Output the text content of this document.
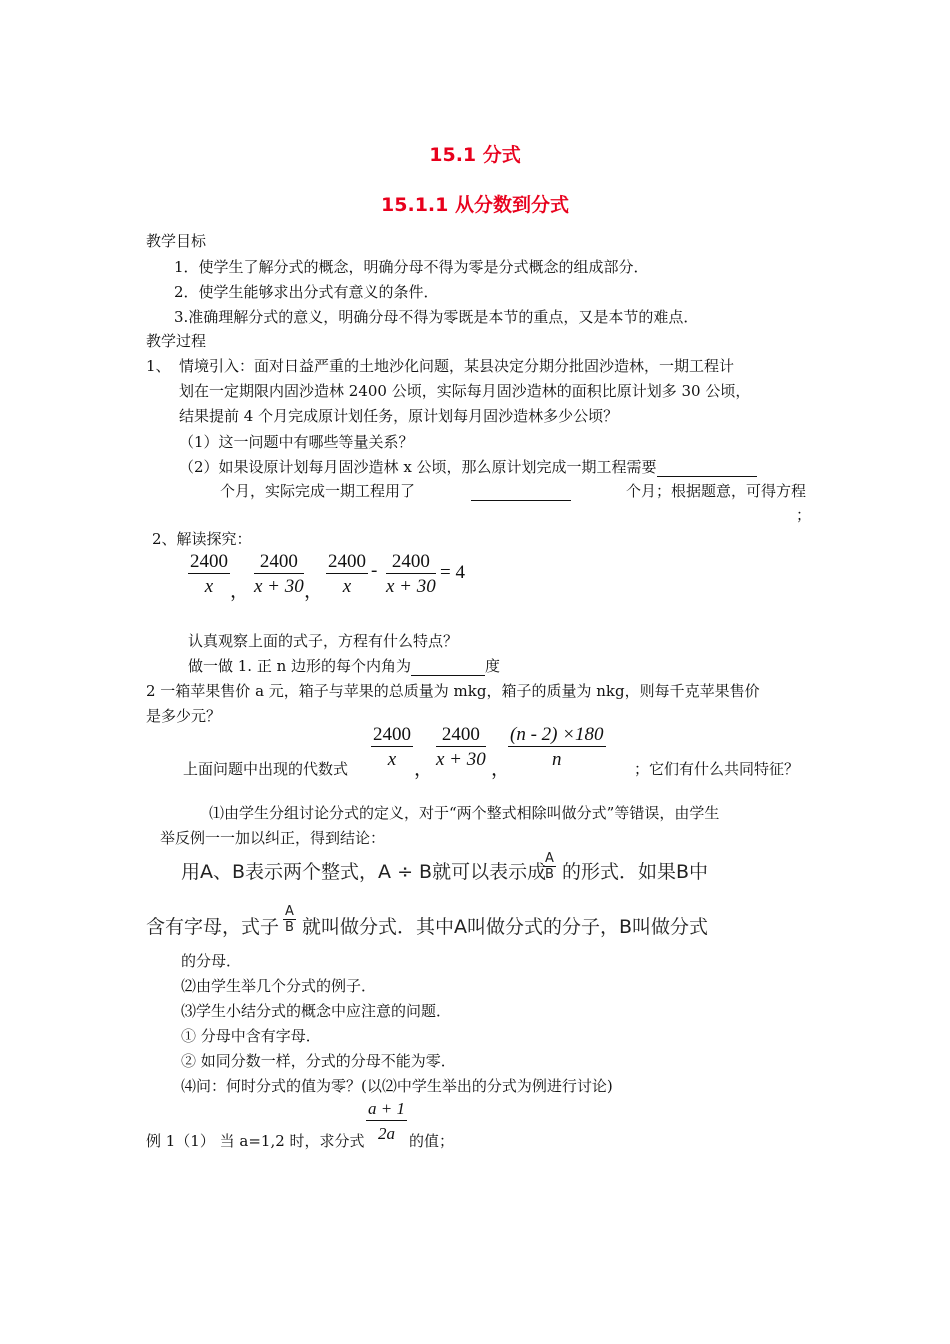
15.1 分式
15.1.1 从分数到分式
教学目标
1．使学生了解分式的概念，明确分母不得为零是分式概念的组成部分．
2．使学生能够求出分式有意义的条件．
3.准确理解分式的意义，明确分母不得为零既是本节的重点，又是本节的难点．
教学过程
1、 情境引入：面对日益严重的土地沙化问题，某县决定分期分批固沙造林，一期工程计
划在一定期限内固沙造林 2400 公顷，实际每月固沙造林的面积比原计划多 30 公顷，
结果提前 4 个月完成原计划任务，原计划每月固沙造林多少公顷？
（1）这一问题中有哪些等量关系？
（2）如果设原计划每月固沙造林 x 公顷，那么原计划完成一期工程需要
个月，实际完成一期工程用了
	个月；根据题意，可得方程
；
2、解读探究：
$\frac{2400}{x}$ ， $\frac{2400}{x + 30}$ ， $\frac{2400}{x} - \frac{2400}{x + 30} = 4$
认真观察上面的式子，方程有什么特点？
做一做 1. 正 n 边形的每个内角为	度
2 一箱苹果售价 a 元，箱子与苹果的总质量为 mkg，箱子的质量为 nkg，则每千克苹果售价
是多少元？
上面问题中出现的代数式 $\frac{2400}{x}$ ， $\frac{2400}{x + 30}$ ，
$\frac{(n - 2) \times 180}{n}$ ；它们有什么共同特征？
⑴由学生分组讨论分式的定义，对于“两个整式相除叫做分式”等错误，由学生
举反例一一加以纠正，得到结论：
用A、B表示两个整式，A ÷ B就可以表示成
$\frac{A}{B}$ 的形式．如果B中
含有字母，式子 $\frac{A}{B}$ 就叫做分式．其中A叫做分式的分子，B叫做分式
的分母．
⑵由学生举几个分式的例子．
⑶学生小结分式的概念中应注意的问题．
① 分母中含有字母．
② 如同分数一样，分式的分母不能为零．
⑷问：何时分式的值为零？(以⑵中学生举出的分式为例进行讨论)
例 1（1） 当 a=1,2 时，求分式 $\frac{a + 1}{2a}$ 的值；
